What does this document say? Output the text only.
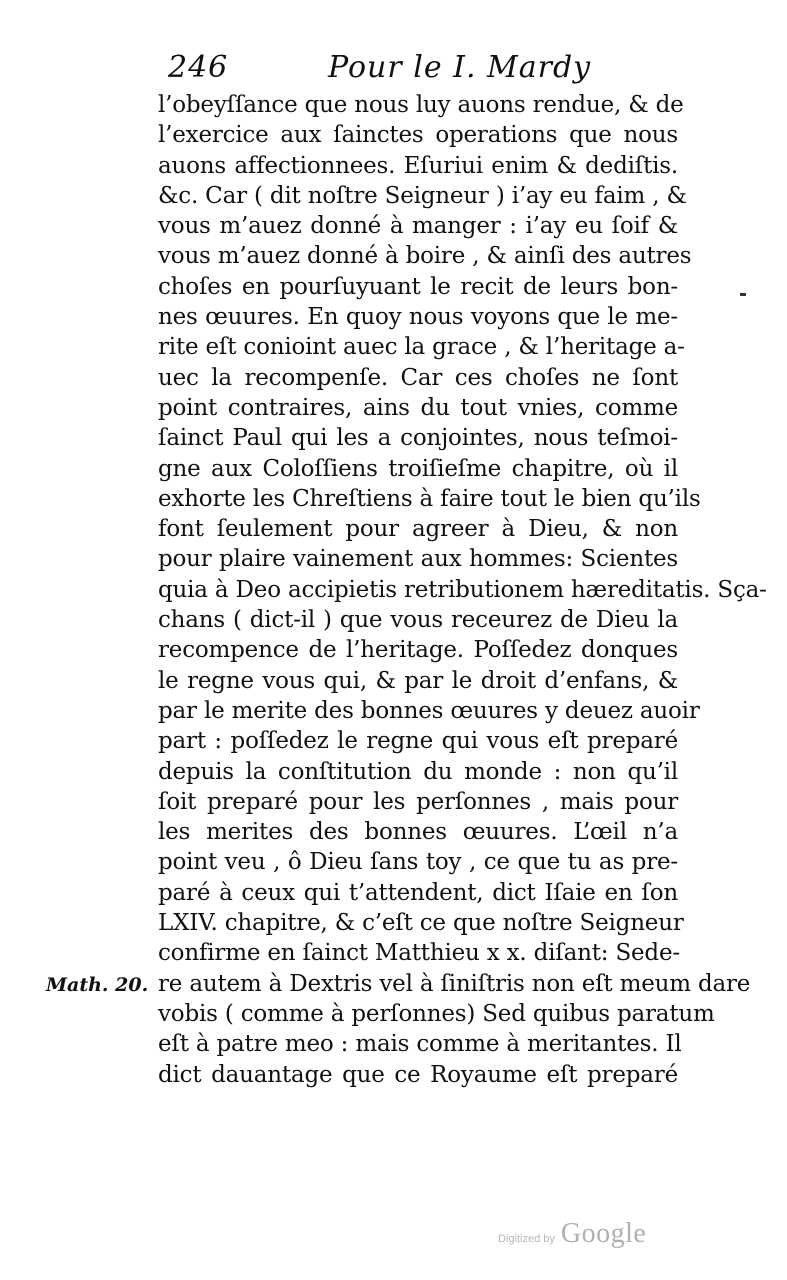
246	Pour le I. Mardy
l’obeyſſance que nous luy auons rendue, & de
l’exercice aux ſainctes operations que nous
auons affectionnees. Eſuriui enim & dediſtis.
&c. Car ( dit noſtre Seigneur ) i’ay eu faim , &
vous m’auez donné à manger : i’ay eu ſoif &
vous m’auez donné à boire , & ainſi des autres
choſes en pourſuyuant le recit de leurs bon-
nes œuures. En quoy nous voyons que le me-
rite eſt conioint auec la grace , & l’heritage a-
uec la recompenſe. Car ces choſes ne ſont
point contraires, ains du tout vnies, comme
ſainct Paul qui les a conjointes, nous teſmoi-
gne aux Coloſſiens troiſieſme chapitre, où il
exhorte les Chreſtiens à faire tout le bien qu’ils
font ſeulement pour agreer à Dieu, & non
pour plaire vainement aux hommes: Scientes
quia à Deo accipietis retributionem hæreditatis. Sça-
chans ( dict-il ) que vous receurez de Dieu la
recompence de l’heritage. Poſſedez donques
le regne vous qui, & par le droit d’enfans, &
par le merite des bonnes œuures y deuez auoir
part : poſſedez le regne qui vous eſt preparé
depuis la conſtitution du monde : non qu’il
ſoit preparé pour les perſonnes , mais pour
les merites des bonnes œuures. L’œil n’a
point veu , ô Dieu ſans toy , ce que tu as pre-
paré à ceux qui t’attendent, dict Iſaie en ſon
LXIV. chapitre, & c’eſt ce que noſtre Seigneur
confirme en ſainct Matthieu x x. diſant: Sede-
re autem à Dextris vel à ſiniſtris non eſt meum dare
vobis ( comme à perſonnes) Sed quibus paratum
eſt à patre meo : mais comme à meritantes. Il
dict dauantage que ce Royaume eſt preparé
Math. 20.
Digitized by Google
